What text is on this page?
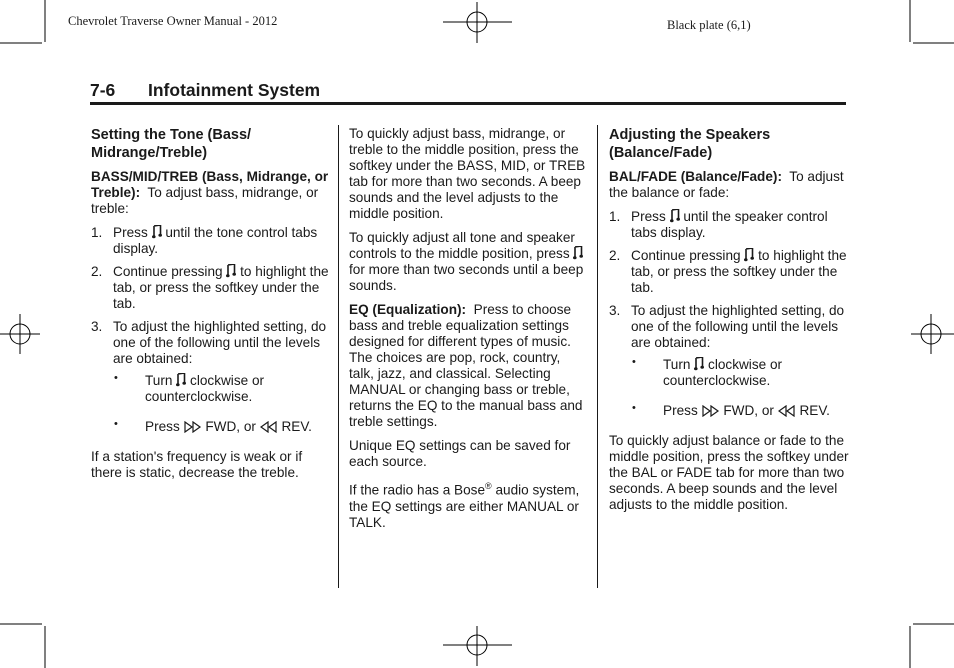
Chevrolet Traverse Owner Manual - 2012	Black plate (6,1)
7-6 Infotainment System
Setting the Tone (Bass/
Midrange/Treble)

BASS/MID/TREB (Bass, Midrange, or Treble): To adjust bass, midrange, or treble:

1. Press until the tone control tabs display.
2. Continue pressing to highlight the tab, or press the softkey under the tab.
3. To adjust the highlighted setting, do one of the following until the levels are obtained:
• Turn clockwise or counterclockwise.
• Press FWD, or REV.

If a station's frequency is weak or if there is static, decrease the treble.

To quickly adjust bass, midrange, or treble to the middle position, press the softkey under the BASS, MID, or TREB tab for more than two seconds. A beep sounds and the level adjusts to the middle position.

To quickly adjust all tone and speaker controls to the middle position, press  for more than two seconds until a beep sounds.

EQ (Equalization): Press to choose bass and treble equalization settings designed for different types of music. The choices are pop, rock, country, talk, jazz, and classical. Selecting MANUAL or changing bass or treble, returns the EQ to the manual bass and treble settings.

Unique EQ settings can be saved for each source.

If the radio has a Bose® audio system, the EQ settings are either MANUAL or TALK.

Adjusting the Speakers
(Balance/Fade)

BAL/FADE (Balance/Fade): To adjust the balance or fade:

1. Press until the speaker control tabs display.
2. Continue pressing to highlight the tab, or press the softkey under the tab.
3. To adjust the highlighted setting, do one of the following until the levels are obtained:
• Turn clockwise or counterclockwise.
• Press FWD, or REV.

To quickly adjust balance or fade to the middle position, press the softkey under the BAL or FADE tab for more than two seconds. A beep sounds and the level adjusts to the middle position.
